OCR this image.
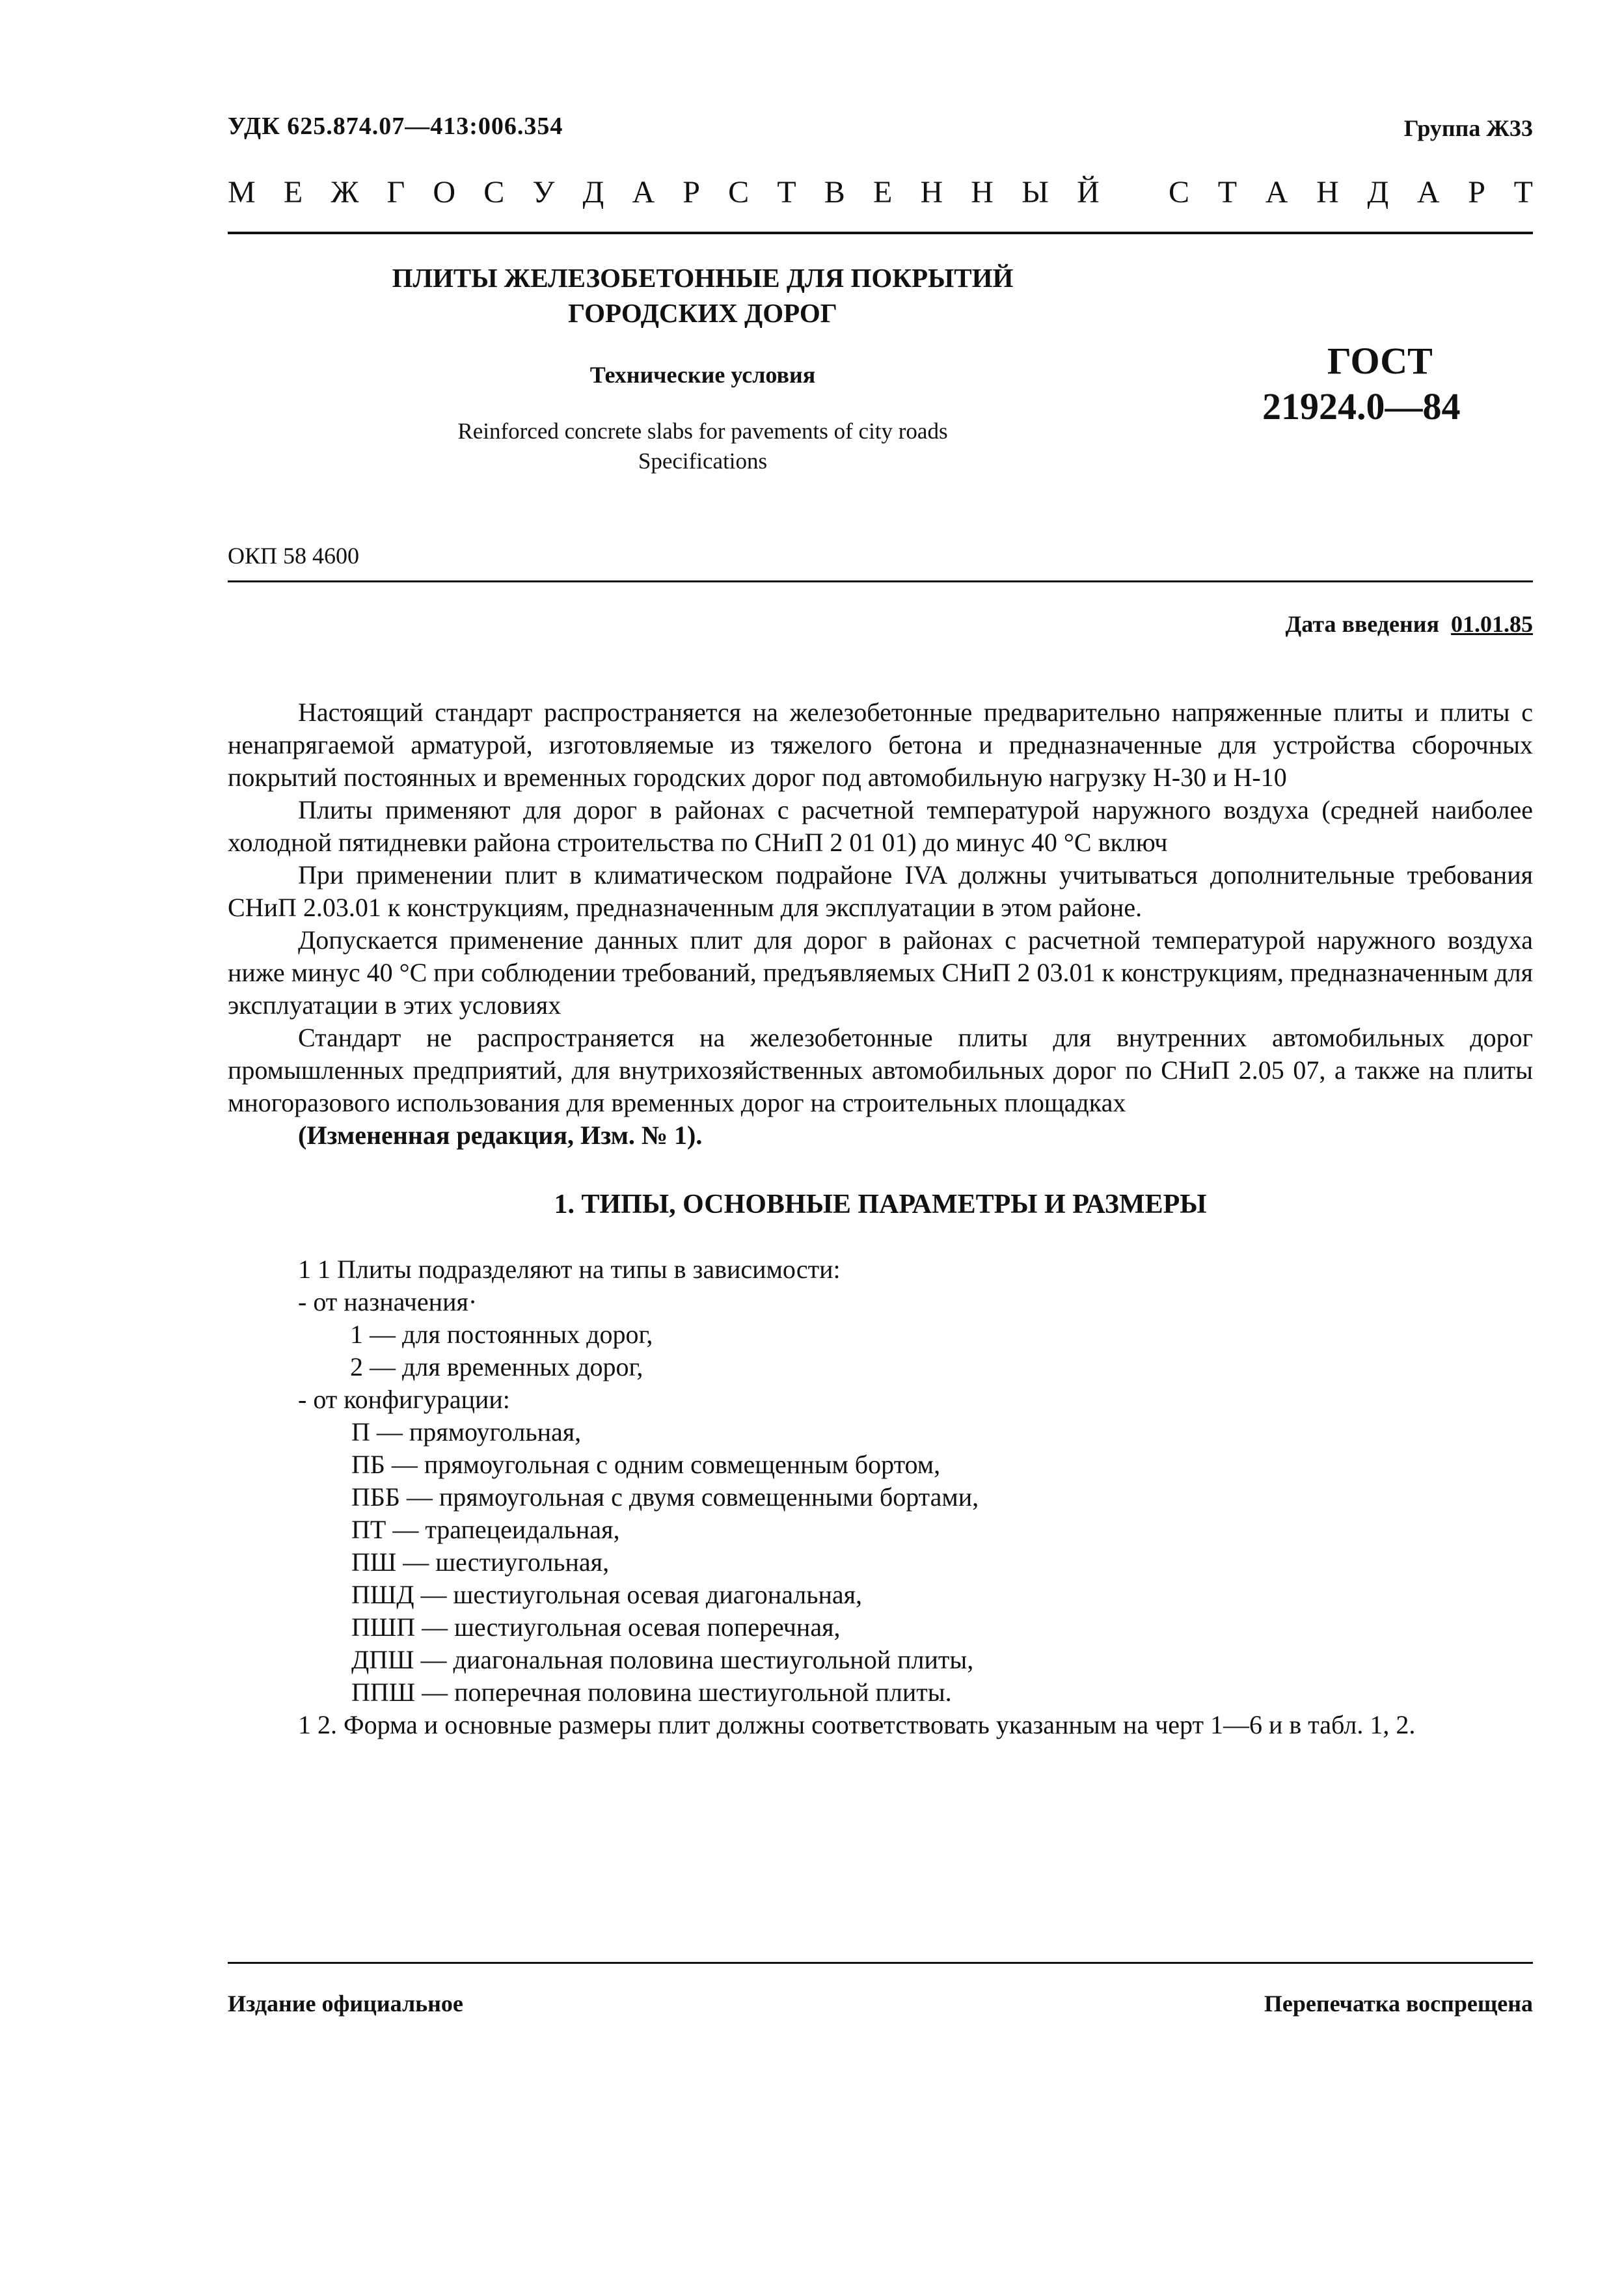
УДК 625.874.07—413:006.354	Группа Ж33
М Е Ж Г О С У Д А Р С Т В Е Н Н Ы Й С Т А Н Д А Р Т
ПЛИТЫ ЖЕЛЕЗОБЕТОННЫЕ ДЛЯ ПОКРЫТИЙ
ГОРОДСКИХ ДОРОГ
Технические условия	ГОСТ
21924.0—84
Reinforced concrete slabs for pavements of city roads
Specifications
ОКП 58 4600
Дата введения 01.01.85

Настоящий стандарт распространяется на железобетонные предварительно напряженные плиты и плиты с ненапрягаемой арматурой, изготовляемые из тяжелого бетона и предназначенные для устройства сборочных покрытий постоянных и временных городских дорог под автомобильную нагрузку Н-30 и Н-10

Плиты применяют для дорог в районах с расчетной температурой наружного воздуха (средней наиболее холодной пятидневки района строительства по СНиП 2 01 01) до минус 40 °С включ

При применении плит в климатическом подрайоне IVA должны учитываться дополнительные требования СНиП 2.03.01 к конструкциям, предназначенным для эксплуатации в этом районе.

Допускается применение данных плит для дорог в районах с расчетной температурой наружного воздуха ниже минус 40 °С при соблюдении требований, предъявляемых СНиП 2 03.01 к конструкциям, предназначенным для эксплуатации в этих условиях

Стандарт не распространяется на железобетонные плиты для внутренних автомобильных дорог промышленных предприятий, для внутрихозяйственных автомобильных дорог по СНиП 2.05 07, а также на плиты многоразового использования для временных дорог на строительных площадках

(Измененная редакция, Изм. № 1).

1. ТИПЫ, ОСНОВНЫЕ ПАРАМЕТРЫ И РАЗМЕРЫ
1 1 Плиты подразделяют на типы в зависимости:
- от назначения·
1 — для постоянных дорог,
2 — для временных дорог,
- от конфигурации:
П — прямоугольная,
ПБ — прямоугольная с одним совмещенным бортом,
ПББ — прямоугольная с двумя совмещенными бортами,
ПТ — трапецеидальная,
ПШ — шестиугольная,
ПШД — шестиугольная осевая диагональная,
ПШП — шестиугольная осевая поперечная,
ДПШ — диагональная половина шестиугольной плиты,
ППШ — поперечная половина шестиугольной плиты.

1 2. Форма и основные размеры плит должны соответствовать указанным на черт 1—6 и в табл. 1, 2.

Издание официальное	Перепечатка воспрещена
